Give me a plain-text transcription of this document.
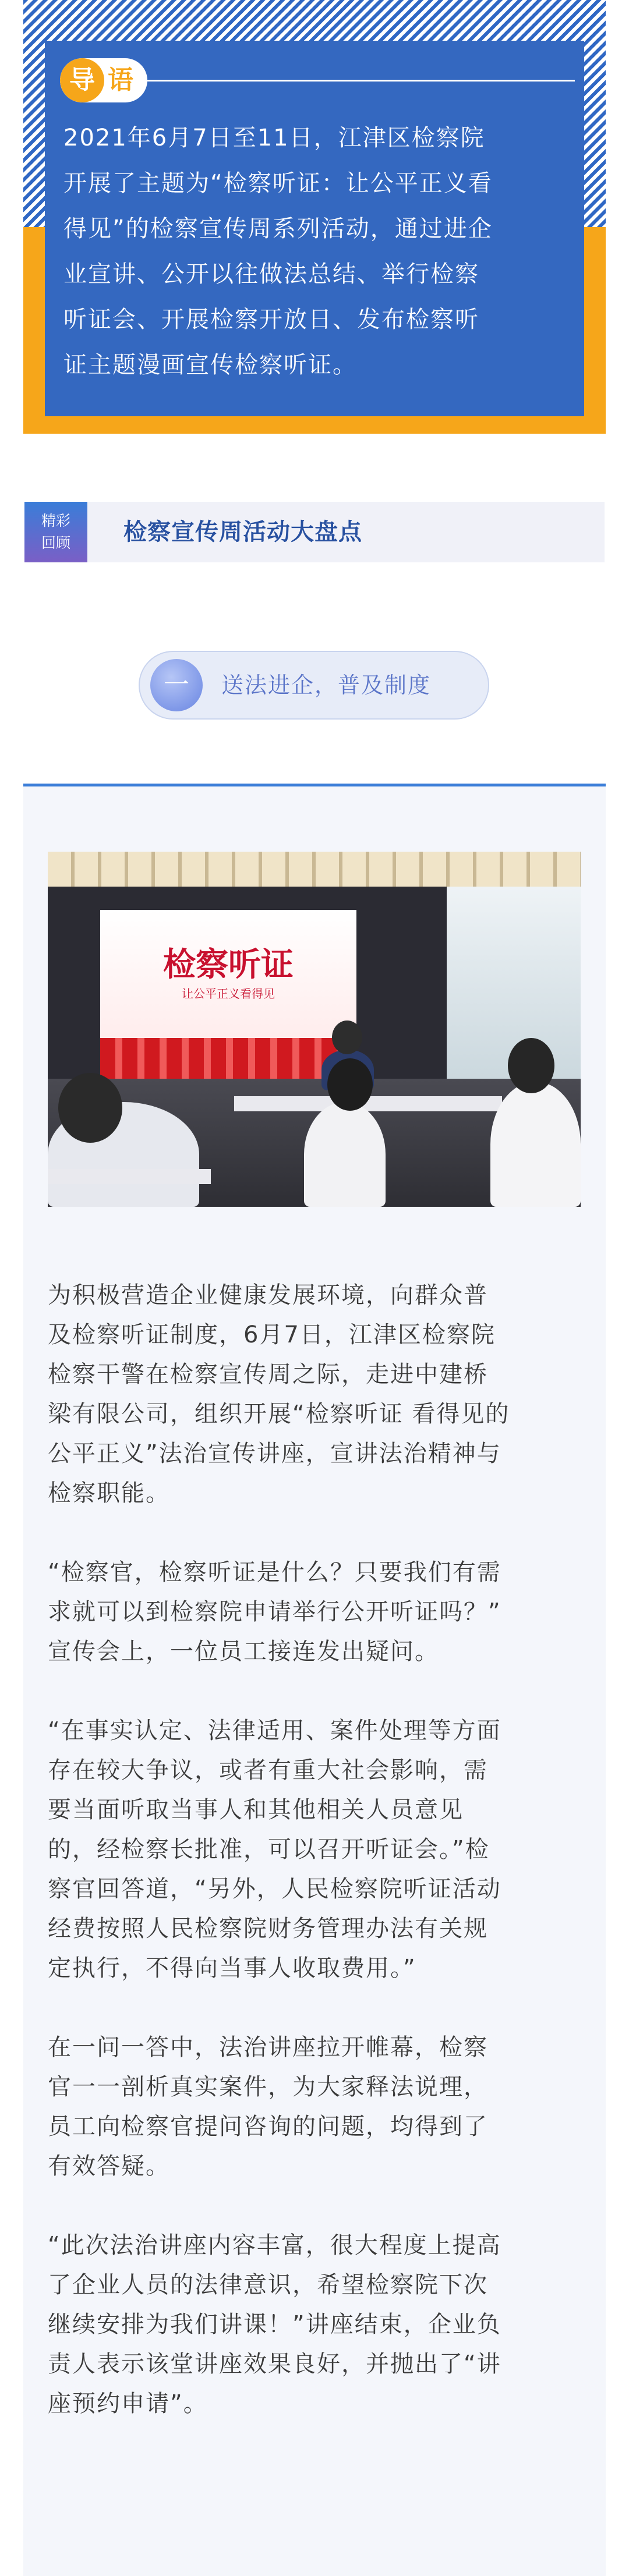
导 语

2021年6月7日至11日，江津区检察院
开展了主题为“检察听证：让公平正义看
得见”的检察宣传周系列活动，通过进企
业宣讲、公开以往做法总结、举行检察
听证会、开展检察开放日、发布检察听
证主题漫画宣传检察听证。

精彩
回顾	检察宣传周活动大盘点
一	送法进企，普及制度
检察听证
让公平正义看得见

为积极营造企业健康发展环境，向群众普
及检察听证制度，6月7日，江津区检察院
检察干警在检察宣传周之际，走进中建桥
梁有限公司，组织开展“检察听证 看得见的
公平正义”法治宣传讲座，宣讲法治精神与
检察职能。

“检察官，检察听证是什么？只要我们有需
求就可以到检察院申请举行公开听证吗？”
宣传会上，一位员工接连发出疑问。

“在事实认定、法律适用、案件处理等方面
存在较大争议，或者有重大社会影响，需
要当面听取当事人和其他相关人员意见
的，经检察长批准，可以召开听证会。”检
察官回答道，“另外，人民检察院听证活动
经费按照人民检察院财务管理办法有关规
定执行，不得向当事人收取费用。”

在一问一答中，法治讲座拉开帷幕，检察
官一一剖析真实案件，为大家释法说理，
员工向检察官提问咨询的问题，均得到了
有效答疑。

“此次法治讲座内容丰富，很大程度上提高
了企业人员的法律意识，希望检察院下次
继续安排为我们讲课！”讲座结束，企业负
责人表示该堂讲座效果良好，并抛出了“讲
座预约申请”。
